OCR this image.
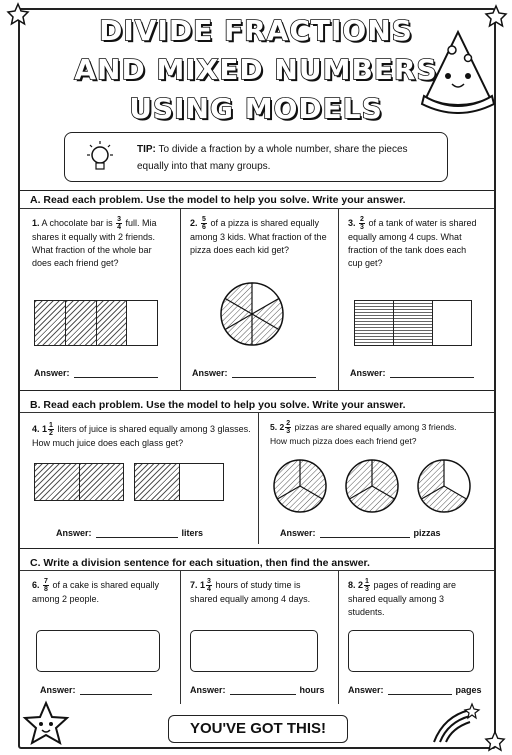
DIVIDE FRACTIONS
AND MIXED NUMBERS
USING MODELS
TIP: To divide a fraction by a whole number, share the pieces equally into that many groups.
A. Read each problem. Use the model to help you solve. Write your answer.
1. A chocolate bar is $\frac{3}{4}$ full. Mia shares it equally with 2 friends. What fraction of the whole bar does each friend get?
2. $\frac{5}{6}$ of a pizza is shared equally among 3 kids. What fraction of the pizza does each kid get?
3. $\frac{2}{3}$ of a tank of water is shared equally among 4 cups. What fraction of the tank does each cup get?
Answer:	Answer:	Answer:
B. Read each problem. Use the model to help you solve. Write your answer.
4. $1 \frac{1}{2}$ liters of juice is shared equally among 3 glasses. How much juice does each glass get?
5. $2 \frac{2}{3}$ pizzas are shared equally among 3 friends. How much pizza does each friend get?
Answer:	liters	Answer:	pizzas
C. Write a division sentence for each situation, then find the answer.
6. $\frac{7}{8}$ of a cake is shared equally among 2 people.
7. $1 \frac{3}{4}$ hours of study time is shared equally among 4 days.
8. $2 \frac{1}{3}$ pages of reading are shared equally among 3 students.
Answer:	Answer:	hours	Answer:	pages
YOU'VE GOT THIS!
